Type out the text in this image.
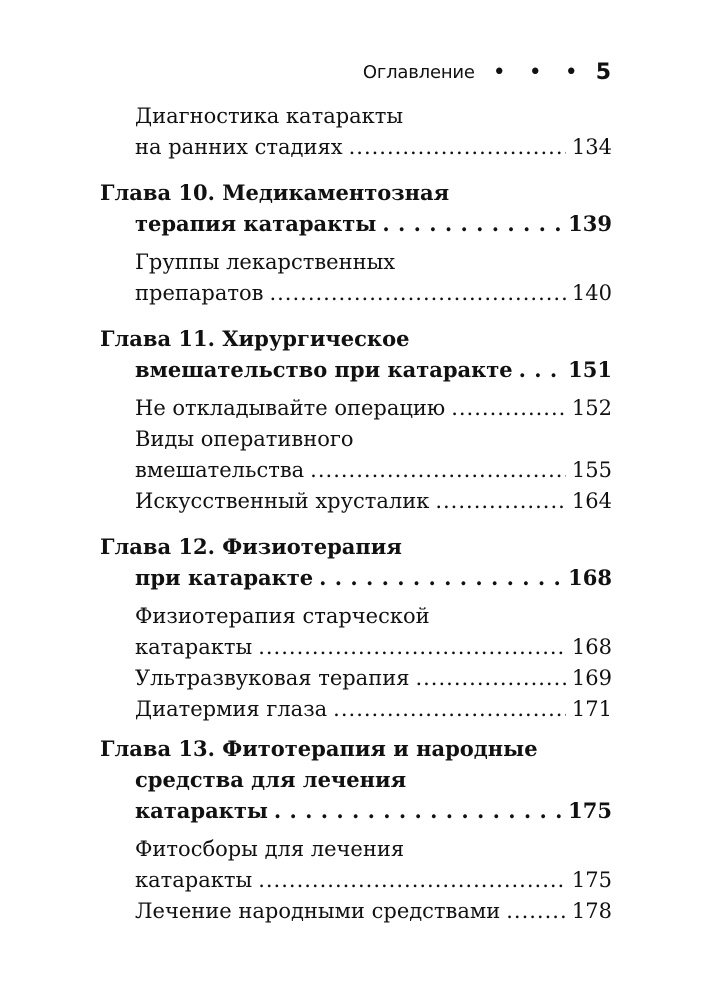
Оглавление • • • 5
Диагностика катаракты
на ранних стадиях .....	134
Глава 10. Медикаментозная
терапия катаракты . . .	139
Группы лекарственных
препаратов .....	140
Глава 11. Хирургическое
вмешательство при катаракте . . .	151
Не откладывайте операцию .....	152
Виды оперативного
вмешательства .....	155
Искусственный хрусталик .....	164
Глава 12. Физиотерапия
при катаракте . . .	168
Физиотерапия старческой
катаракты .....	168
Ультразвуковая терапия .....	169
Диатермия глаза .....	171
Глава 13. Фитотерапия и народные
средства для лечения
катаракты . . .	175
Фитосборы для лечения
катаракты .....	175
Лечение народными средствами .....	178
